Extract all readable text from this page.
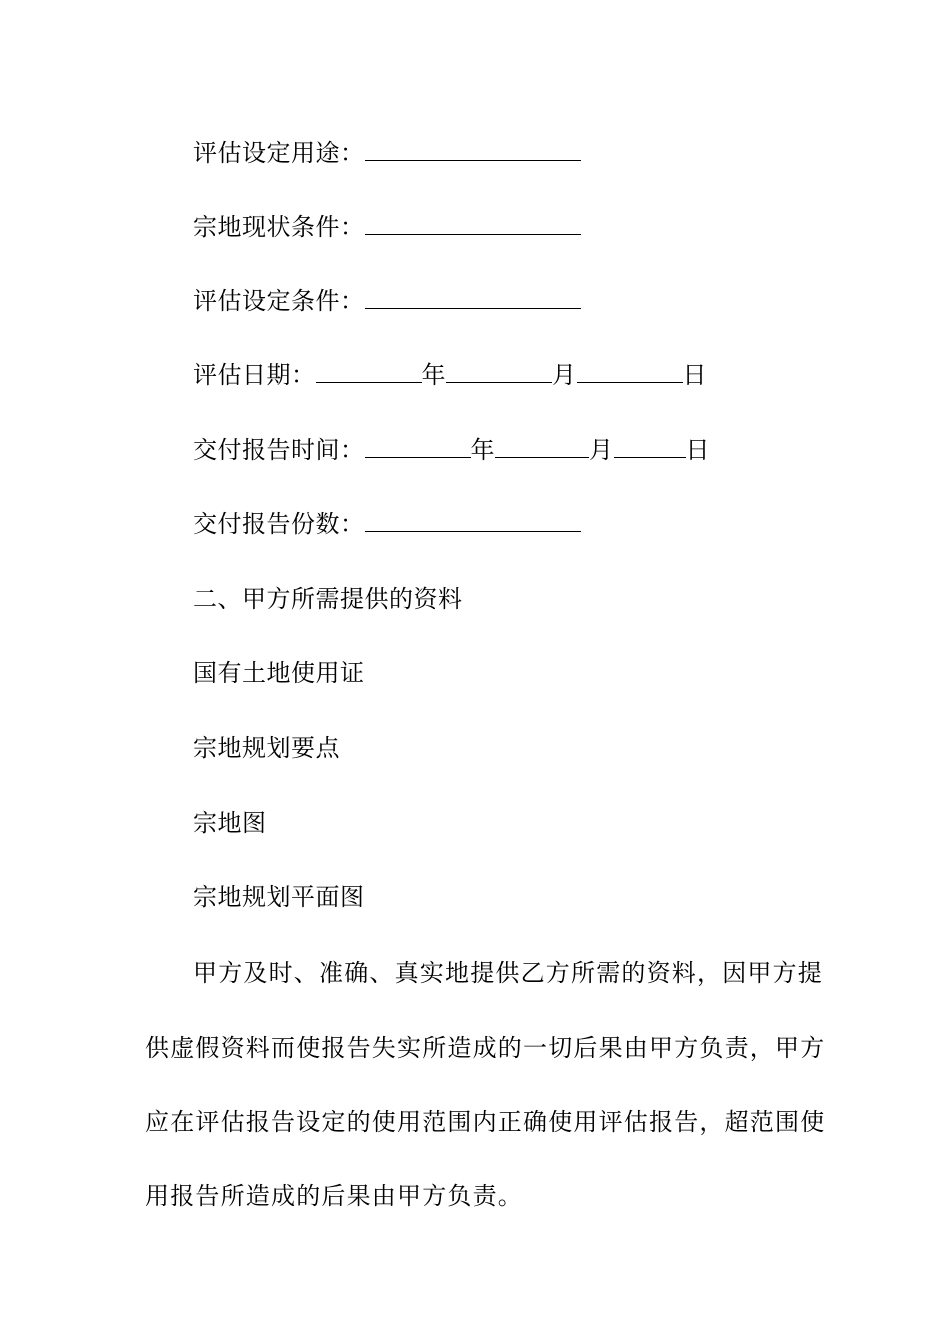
评估设定用途：
宗地现状条件：
评估设定条件：
评估日期：	年	月	日
交付报告时间：	年	月	日
交付报告份数：
二、甲方所需提供的资料
国有土地使用证
宗地规划要点
宗地图
宗地规划平面图
甲方及时、准确、真实地提供乙方所需的资料，因甲方提
供虚假资料而使报告失实所造成的一切后果由甲方负责，甲方
应在评估报告设定的使用范围内正确使用评估报告，超范围使
用报告所造成的后果由甲方负责。
